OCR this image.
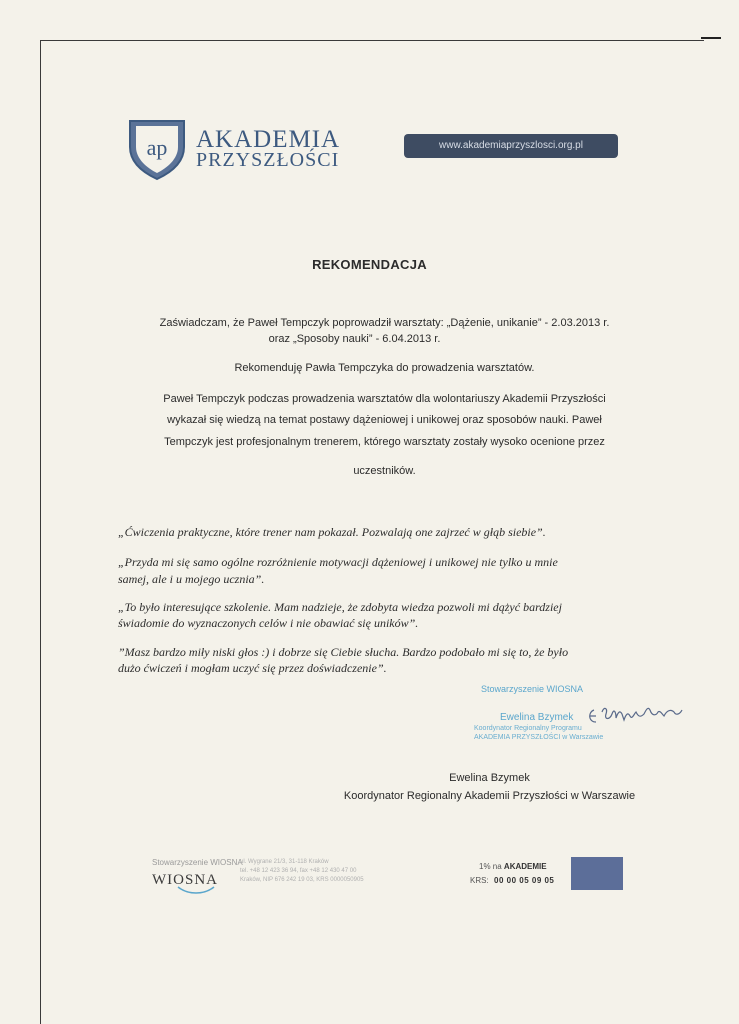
ap AKADEMIA
PRZYSZŁOŚCI
www.akademiaprzyszlosci.org.pl
REKOMENDACJA
Zaświadczam, że Paweł Tempczyk poprowadził warsztaty: „Dążenie, unikanie” - 2.03.2013 r.
oraz „Sposoby nauki” - 6.04.2013 r.
Rekomenduję Pawła Tempczyka do prowadzenia warsztatów.
Paweł Tempczyk podczas prowadzenia warsztatów dla wolontariuszy Akademii Przyszłości
wykazał się wiedzą na temat postawy dążeniowej i unikowej oraz sposobów nauki. Paweł
Tempczyk jest profesjonalnym trenerem, którego warsztaty zostały wysoko ocenione przez
uczestników.
„Ćwiczenia praktyczne, które trener nam pokazał. Pozwalają one zajrzeć w głąb siebie”.
„Przyda mi się samo ogólne rozróżnienie motywacji dążeniowej i unikowej nie tylko u mnie
samej, ale i u mojego ucznia”.
„To było interesujące szkolenie. Mam nadzieje, że zdobyta wiedza pozwoli mi dążyć bardziej
świadomie do wyznaczonych celów i nie obawiać się uników”.
”Masz bardzo miły niski głos :) i dobrze się Ciebie słucha. Bardzo podobało mi się to, że było
dużo ćwiczeń i mogłam uczyć się przez doświadczenie”.
Stowarzyszenie WIOSNA
Ewelina Bzymek
Koordynator Regionalny Programu
AKADEMIA PRZYSZŁOŚCI w Warszawie
Ewelina Bzymek
Koordynator Regionalny Akademii Przyszłości w Warszawie
Stowarzyszenie WIOSNA
ul. Wygrane 21/3, 31-118 Kraków
tel. +48 12 423 36 94, fax +48 12 430 47 00
Kraków, NIP 676 242 19 03, KRS 0000050905
WIOSNA
1% na AKADEMIE
KRS: 00 00 05 09 05
